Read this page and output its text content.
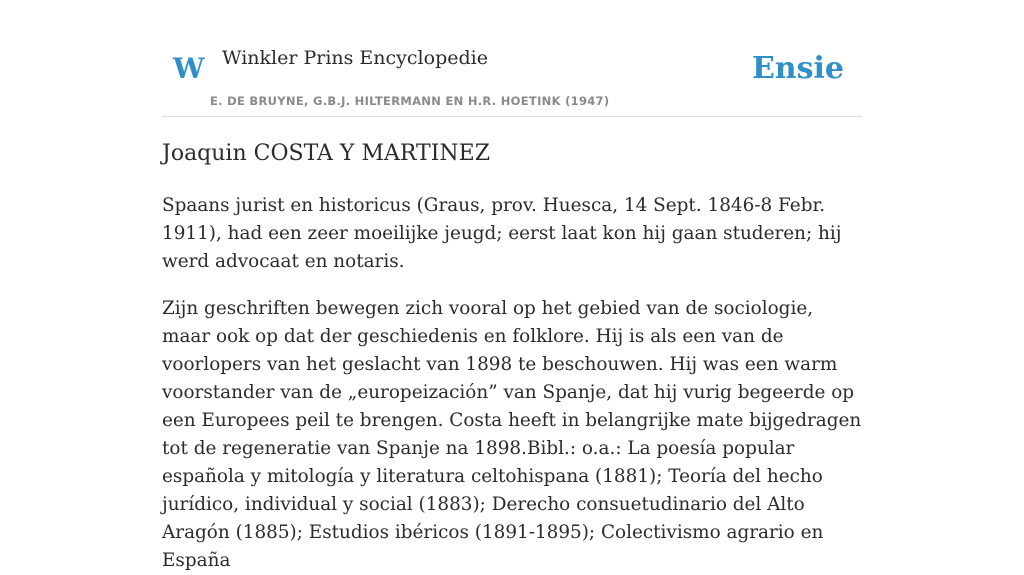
W Winkler Prins Encyclopedie
E. DE BRUYNE, G.B.J. HILTERMANN EN H.R. HOETINK (1947)
Ensie
Joaquin COSTA Y MARTINEZ

Spaans jurist en historicus (Graus, prov. Huesca, 14 Sept. 1846-8 Febr. 1911), had een zeer moeilijke jeugd; eerst laat kon hij gaan studeren; hij werd advocaat en notaris.

Zijn geschriften bewegen zich vooral op het gebied van de sociologie, maar ook op dat der geschiedenis en folklore. Hij is als een van de voorlopers van het geslacht van 1898 te beschouwen. Hij was een warm voorstander van de „europeización” van Spanje, dat hij vurig begeerde op een Europees peil te brengen. Costa heeft in belangrijke mate bijgedragen tot de regeneratie van Spanje na 1898.Bibl.: o.a.: La poesía popular española y mitología y literatura celtohispana (1881); Teoría del hecho jurídico, individual y social (1883); Derecho consuetudinario del Alto Aragón (1885); Estudios ibéricos (1891-1895); Colectivismo agrario en España
